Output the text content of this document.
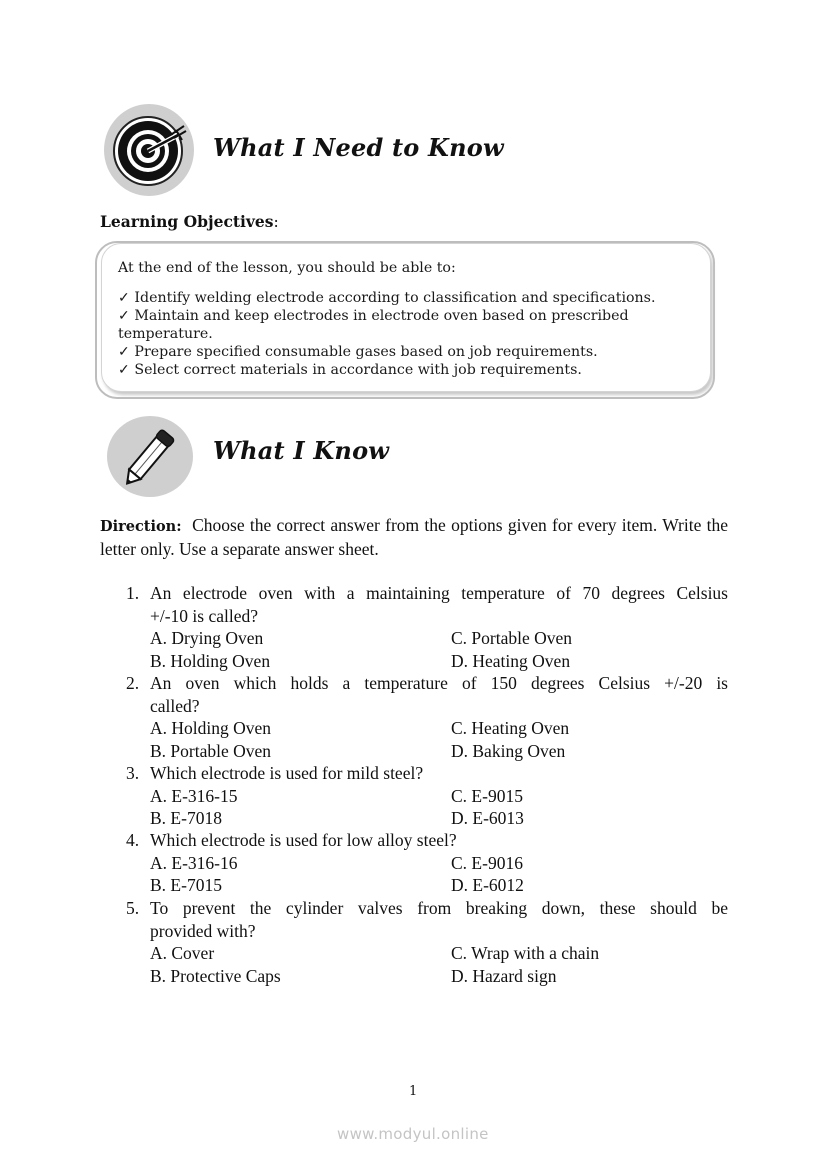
What I Need to Know
Learning Objectives:
At the end of the lesson, you should be able to:
✓ Identify welding electrode according to classification and specifications.
✓ Maintain and keep electrodes in electrode oven based on prescribed
temperature.
✓ Prepare specified consumable gases based on job requirements.
✓ Select correct materials in accordance with job requirements.
What I Know
Direction: Choose the correct answer from the options given for every item. Write the letter only. Use a separate answer sheet.
1. An electrode oven with a maintaining temperature of 70 degrees Celsius
+/-10 is called?
A. Drying Oven	C. Portable Oven
B. Holding Oven	D. Heating Oven
2. An oven which holds a temperature of 150 degrees Celsius +/-20 is
called?
A. Holding Oven	C. Heating Oven
B. Portable Oven	D. Baking Oven
3. Which electrode is used for mild steel?
A. E-316-15	C. E-9015
B. E-7018	D. E-6013
4. Which electrode is used for low alloy steel?
A. E-316-16	C. E-9016
B. E-7015	D. E-6012
5. To prevent the cylinder valves from breaking down, these should be
provided with?
A. Cover	C. Wrap with a chain
B. Protective Caps	D. Hazard sign
1
www.modyul.online
